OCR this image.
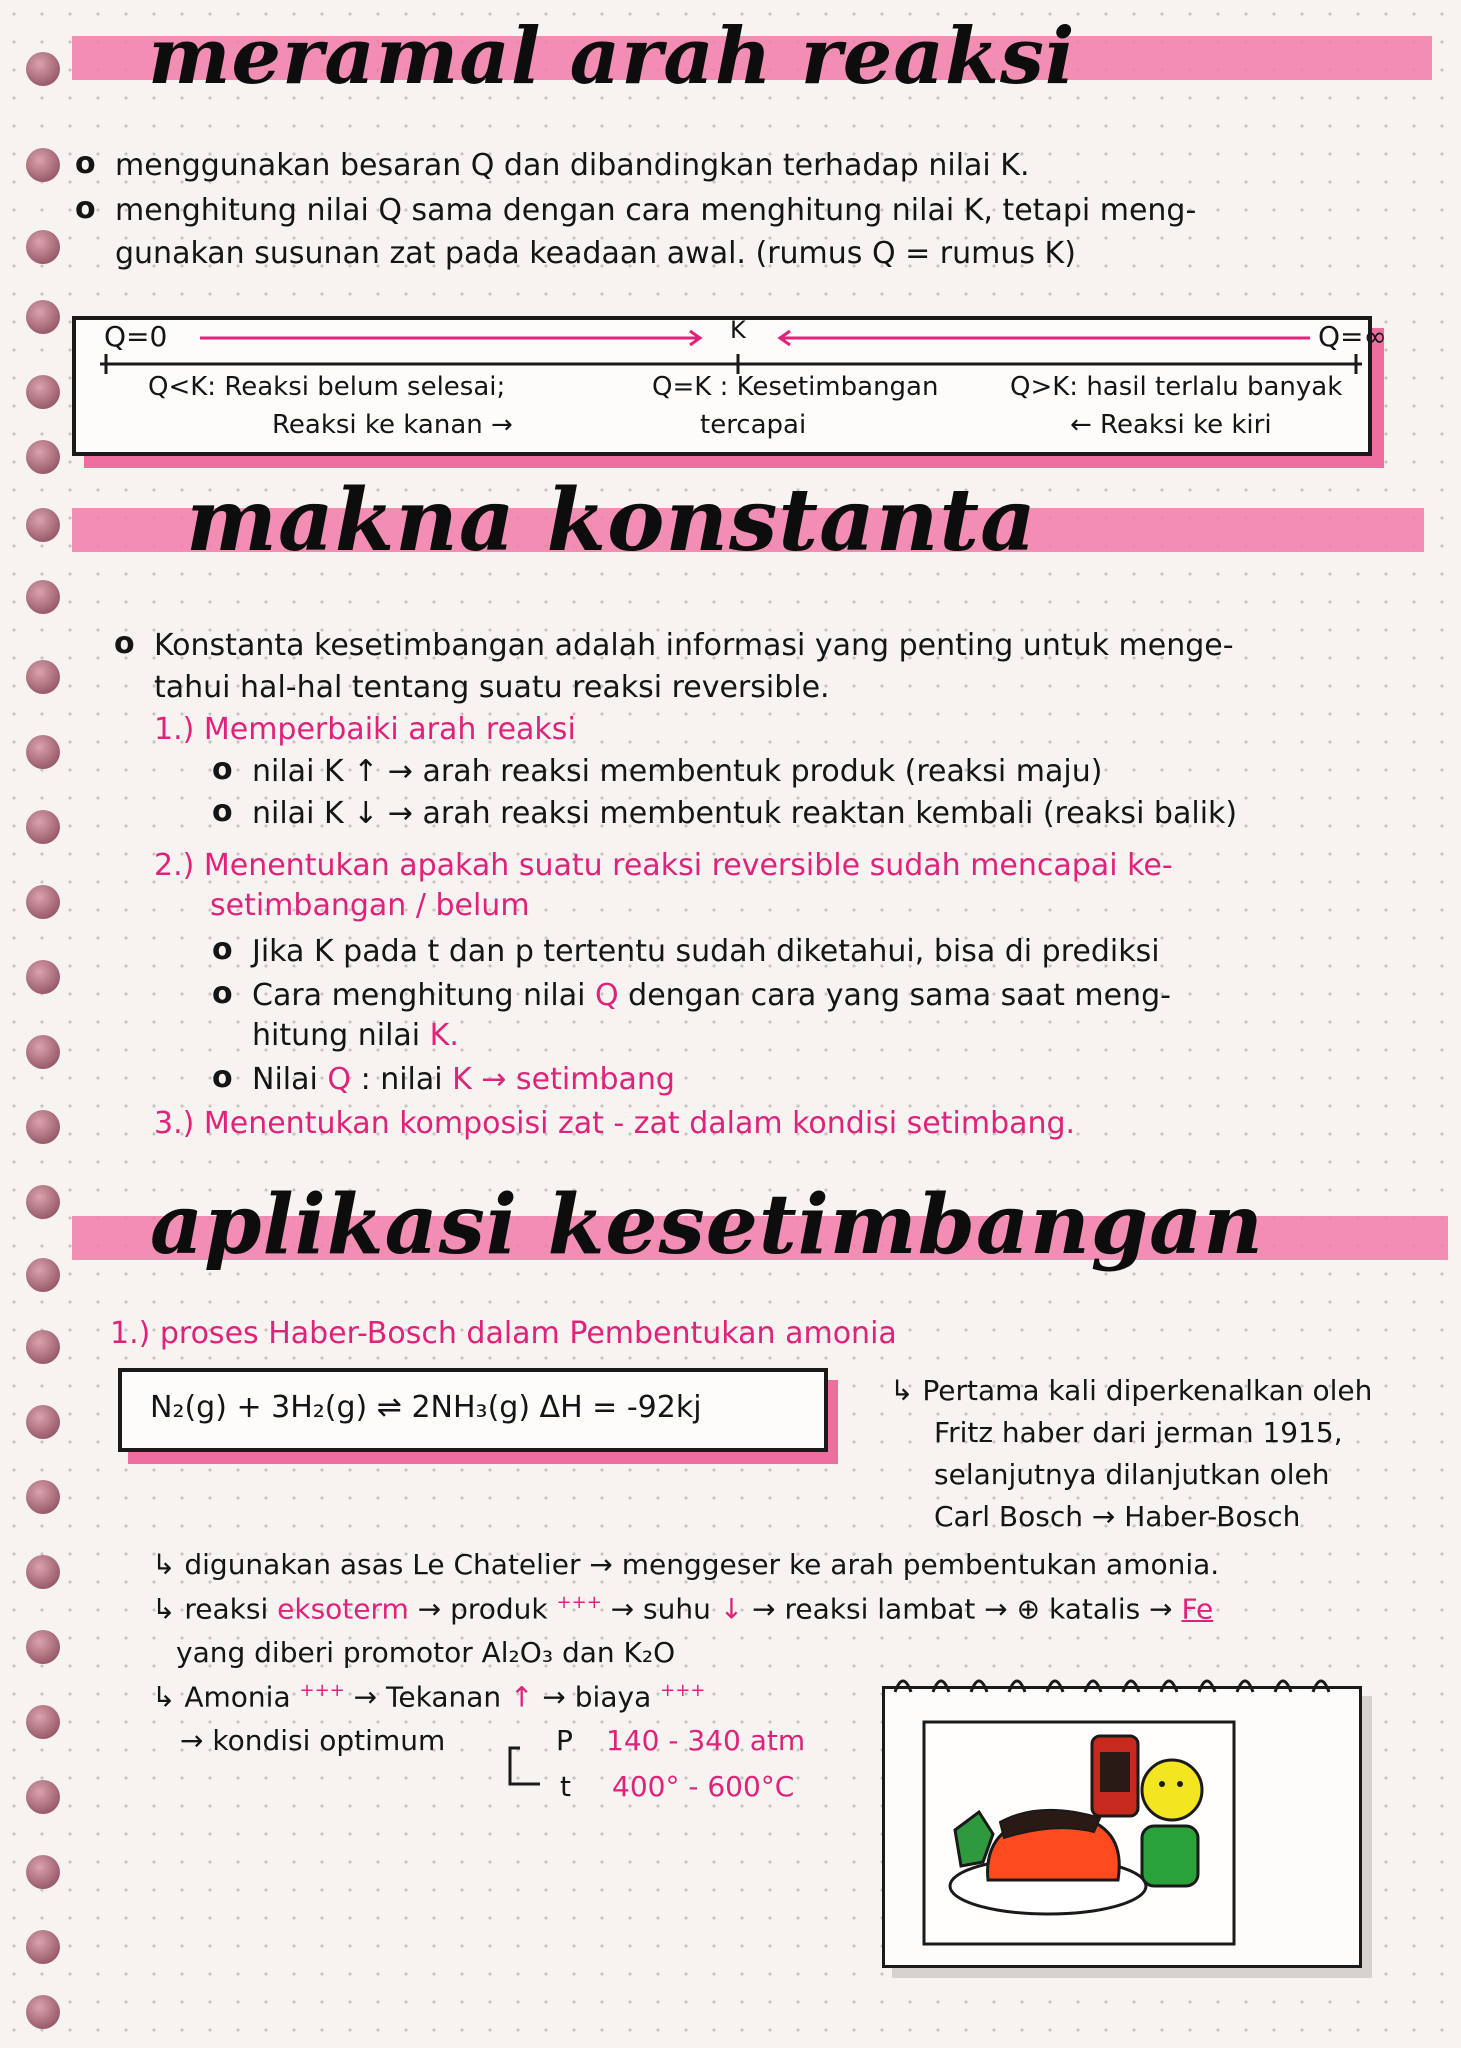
meramal arah reaksi
o menggunakan besaran Q dan dibandingkan terhadap nilai K.
o menghitung nilai Q sama dengan cara menghitung nilai K, tetapi meng-
gunakan susunan zat pada keadaan awal. (rumus Q = rumus K)
Q=0	K	Q=∞
Q<K: Reaksi belum selesai;
Reaksi ke kanan →
Q=K : Kesetimbangan
tercapai
Q>K: hasil terlalu banyak
← Reaksi ke kiri
makna konstanta
o Konstanta kesetimbangan adalah informasi yang penting untuk menge-
tahui hal-hal tentang suatu reaksi reversible.
1.) Memperbaiki arah reaksi
o nilai K ↑ → arah reaksi membentuk produk (reaksi maju)
o nilai K ↓ → arah reaksi membentuk reaktan kembali (reaksi balik)
2.) Menentukan apakah suatu reaksi reversible sudah mencapai ke-
setimbangan / belum
o Jika K pada t dan p tertentu sudah diketahui, bisa di prediksi
o Cara menghitung nilai Q dengan cara yang sama saat meng-
hitung nilai K.
o Nilai Q : nilai K → setimbang
3.) Menentukan komposisi zat - zat dalam kondisi setimbang.
aplikasi kesetimbangan
1.) proses Haber-Bosch dalam Pembentukan amonia
N₂(g) + 3H₂(g) ⇌ 2NH₃(g) ΔH = -92kj	↳ Pertama kali diperkenalkan oleh
Fritz haber dari jerman 1915,
selanjutnya dilanjutkan oleh
Carl Bosch → Haber-Bosch
↳ digunakan asas Le Chatelier → menggeser ke arah pembentukan amonia.
↳ reaksi eksoterm → produk +++ → suhu ↓ → reaksi lambat → ⊕ katalis → Fe
yang diberi promotor Al₂O₃ dan K₂O
↳ Amonia +++ → Tekanan ↑ → biaya +++
→ kondisi optimum	P 140 - 340 atm
t 400° - 600°C
